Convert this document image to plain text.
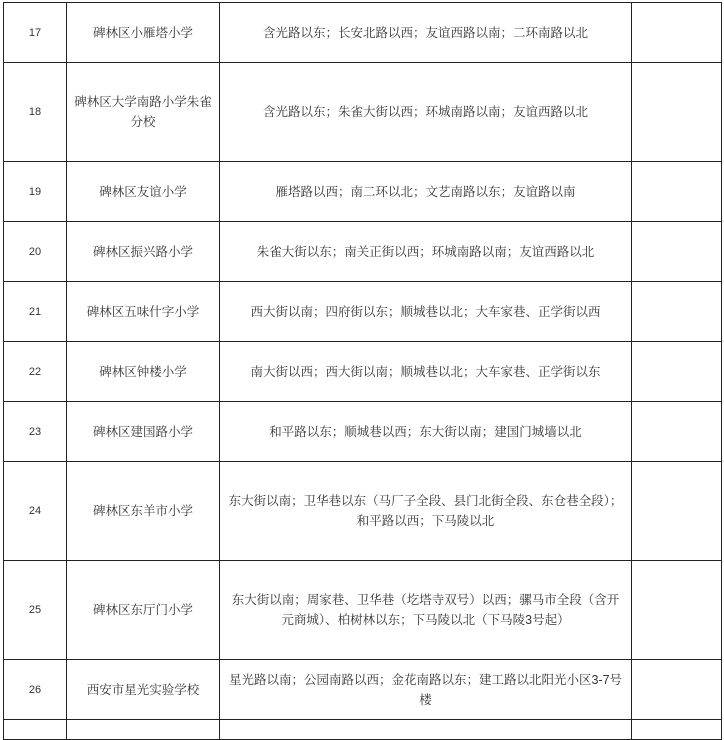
17	碑林区小雁塔小学	含光路以东；长安北路以西；友谊西路以南；二环南路以北	
18	碑林区大学南路小学朱雀分校	含光路以东；朱雀大街以西；环城南路以南；友谊西路以北	
19	碑林区友谊小学	雁塔路以西；南二环以北；文艺南路以东；友谊路以南	
20	碑林区振兴路小学	朱雀大街以东；南关正街以西；环城南路以南；友谊西路以北	
21	碑林区五味什字小学	西大街以南；四府街以东；顺城巷以北；大车家巷、正学街以西	
22	碑林区钟楼小学	南大街以西；西大街以南；顺城巷以北；大车家巷、正学街以东	
23	碑林区建国路小学	和平路以东；顺城巷以西；东大街以南；建国门城墙以北	
24	碑林区东羊市小学	东大街以南；卫华巷以东（马厂子全段、县门北街全段、东仓巷全段）；和平路以西；下马陵以北	
25	碑林区东厅门小学	东大街以南；周家巷、卫华巷（圪塔寺双号）以西；骡马市全段（含开元商城）、柏树林以东；下马陵以北（下马陵3号起）	
26	西安市星光实验学校	星光路以南；公园南路以西；金花南路以东；建工路以北阳光小区3-7号楼	
